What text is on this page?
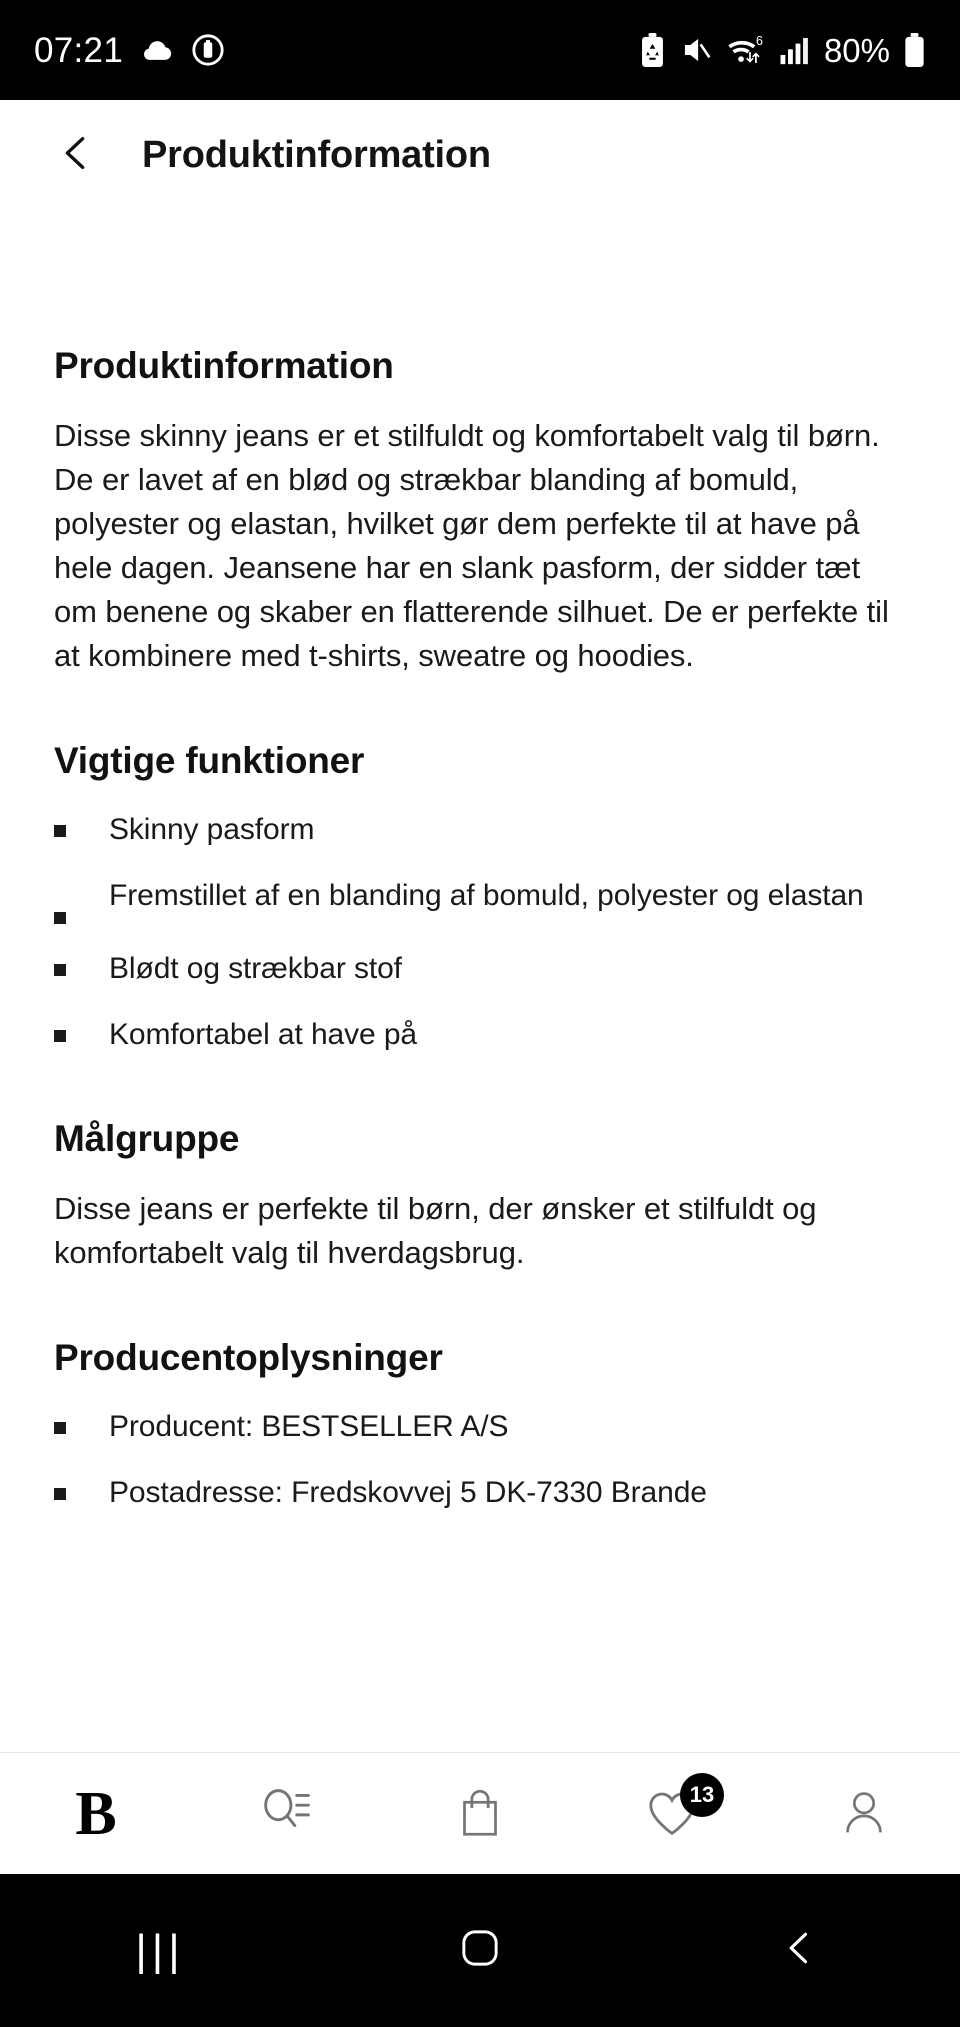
07:21	6 80%
Produktinformation
Produktinformation

Disse skinny jeans er et stilfuldt og komfortabelt valg til børn. De er lavet af en blød og strækbar blanding af bomuld, polyester og elastan, hvilket gør dem perfekte til at have på hele dagen. Jeansene har en slank pasform, der sidder tæt om benene og skaber en flatterende silhuet. De er perfekte til at kombinere med t-shirts, sweatre og hoodies.

Vigtige funktioner
Skinny pasform
Fremstillet af en blanding af bomuld, polyester og elastan
Blødt og strækbar stof
Komfortabel at have på
Målgruppe

Disse jeans er perfekte til børn, der ønsker et stilfuldt og komfortabelt valg til hverdagsbrug.

Producentoplysninger
Producent: BESTSELLER A/S
Postadresse: Fredskovvej 5 DK-7330 Brande
B	13
|||
